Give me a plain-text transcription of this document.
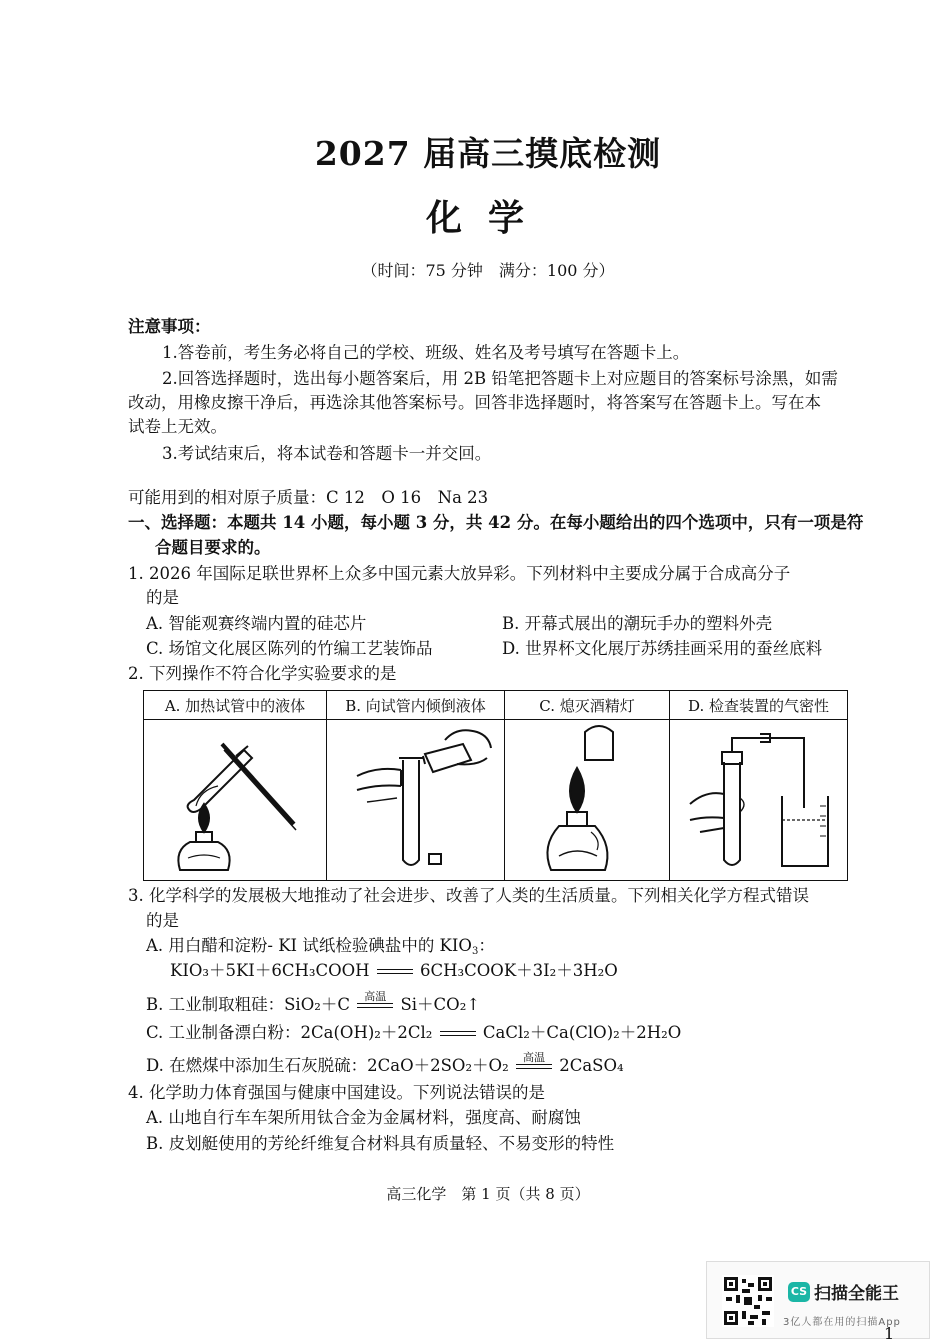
2027 届高三摸底检测
化学
（时间：75 分钟　满分：100 分）
注意事项：
1.答卷前，考生务必将自己的学校、班级、姓名及考号填写在答题卡上。
2.回答选择题时，选出每小题答案后，用 2B 铅笔把答题卡上对应题目的答案标号涂黑，如需
改动，用橡皮擦干净后，再选涂其他答案标号。回答非选择题时，将答案写在答题卡上。写在本
试卷上无效。
3.考试结束后，将本试卷和答题卡一并交回。
可能用到的相对原子质量：C 12　O 16　Na 23
一、选择题：本题共 14 小题，每小题 3 分，共 42 分。在每小题给出的四个选项中，只有一项是符
合题目要求的。
1. 2026 年国际足联世界杯上众多中国元素大放异彩。下列材料中主要成分属于合成高分子
的是
A. 智能观赛终端内置的硅芯片	B. 开幕式展出的潮玩手办的塑料外壳
C. 场馆文化展区陈列的竹编工艺装饰品	D. 世界杯文化展厅苏绣挂画采用的蚕丝底料
2. 下列操作不符合化学实验要求的是
A. 加热试管中的液体	B. 向试管内倾倒液体	C. 熄灭酒精灯	D. 检查装置的气密性

3. 化学科学的发展极大地推动了社会进步、改善了人类的生活质量。下列相关化学方程式错误
的是
A. 用白醋和淀粉- KI 试纸检验碘盐中的 $KIO_3$：
KIO₃＋5KI＋6CH₃COOH	6CH₃COOK＋3I₂＋3H₂O
B. 工业制取粗硅：SiO₂＋C	高温 Si＋CO₂↑
C. 工业制备漂白粉：2Ca(OH)₂＋2Cl₂	CaCl₂＋Ca(ClO)₂＋2H₂O
D. 在燃煤中添加生石灰脱硫：2CaO＋2SO₂＋O₂	高温 2CaSO₄
4. 化学助力体育强国与健康中国建设。下列说法错误的是
A. 山地自行车车架所用钛合金为金属材料，强度高、耐腐蚀
B. 皮划艇使用的芳纶纤维复合材料具有质量轻、不易变形的特性
高三化学　第 1 页（共 8 页）
CS 扫描全能王
3亿人都在用的扫描App
1
